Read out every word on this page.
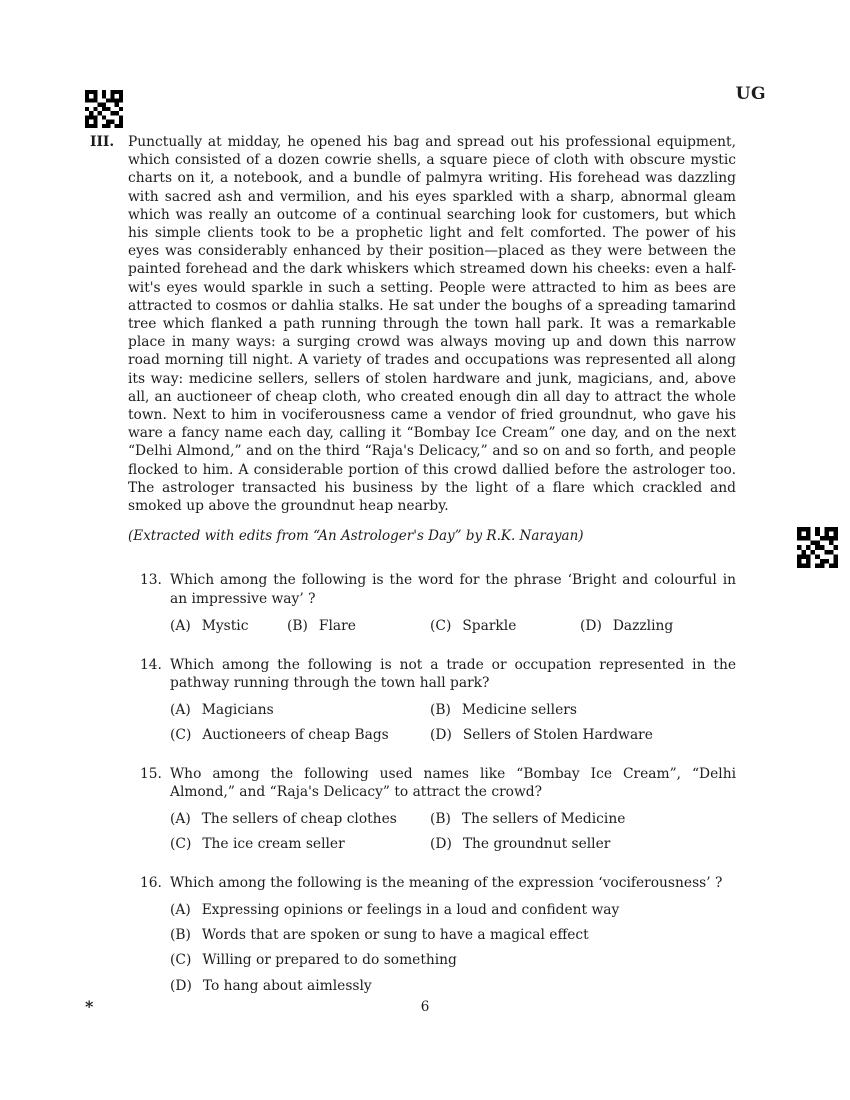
UG
III.	Punctually at midday, he opened his bag and spread out his professional equipment, which consisted of a dozen cowrie shells, a square piece of cloth with obscure mystic charts on it, a notebook, and a bundle of palmyra writing. His forehead was dazzling with sacred ash and vermilion, and his eyes sparkled with a sharp, abnormal gleam which was really an outcome of a continual searching look for customers, but which his simple clients took to be a prophetic light and felt comforted. The power of his eyes was considerably enhanced by their position—placed as they were between the painted forehead and the dark whiskers which streamed down his cheeks: even a half-wit's eyes would sparkle in such a setting. People were attracted to him as bees are attracted to cosmos or dahlia stalks. He sat under the boughs of a spreading tamarind tree which flanked a path running through the town hall park. It was a remarkable place in many ways: a surging crowd was always moving up and down this narrow road morning till night. A variety of trades and occupations was represented all along its way: medicine sellers, sellers of stolen hardware and junk, magicians, and, above all, an auctioneer of cheap cloth, who created enough din all day to attract the whole town. Next to him in vociferousness came a vendor of fried groundnut, who gave his ware a fancy name each day, calling it “Bombay Ice Cream” one day, and on the next “Delhi Almond,” and on the third “Raja's Delicacy,” and so on and so forth, and people flocked to him. A considerable portion of this crowd dallied before the astrologer too. The astrologer transacted his business by the light of a flare which crackled and smoked up above the groundnut heap nearby.
(Extracted with edits from “An Astrologer's Day” by R.K. Narayan)
13. Which among the following is the word for the phrase ‘Bright and colourful in an impressive way’ ?
(A) Mystic	(B) Flare	(C) Sparkle	(D) Dazzling
14. Which among the following is not a trade or occupation represented in the pathway running through the town hall park?
(A) Magicians	(B) Medicine sellers
(C) Auctioneers of cheap Bags	(D) Sellers of Stolen Hardware
15. Who among the following used names like “Bombay Ice Cream”, “Delhi Almond,” and “Raja's Delicacy” to attract the crowd?
(A) The sellers of cheap clothes (B) The sellers of Medicine
(C) The ice cream seller	(D) The groundnut seller
16. Which among the following is the meaning of the expression ‘vociferousness’ ?
(A) Expressing opinions or feelings in a loud and confident way
(B) Words that are spoken or sung to have a magical effect
(C) Willing or prepared to do something
(D) To hang about aimlessly
*	6
